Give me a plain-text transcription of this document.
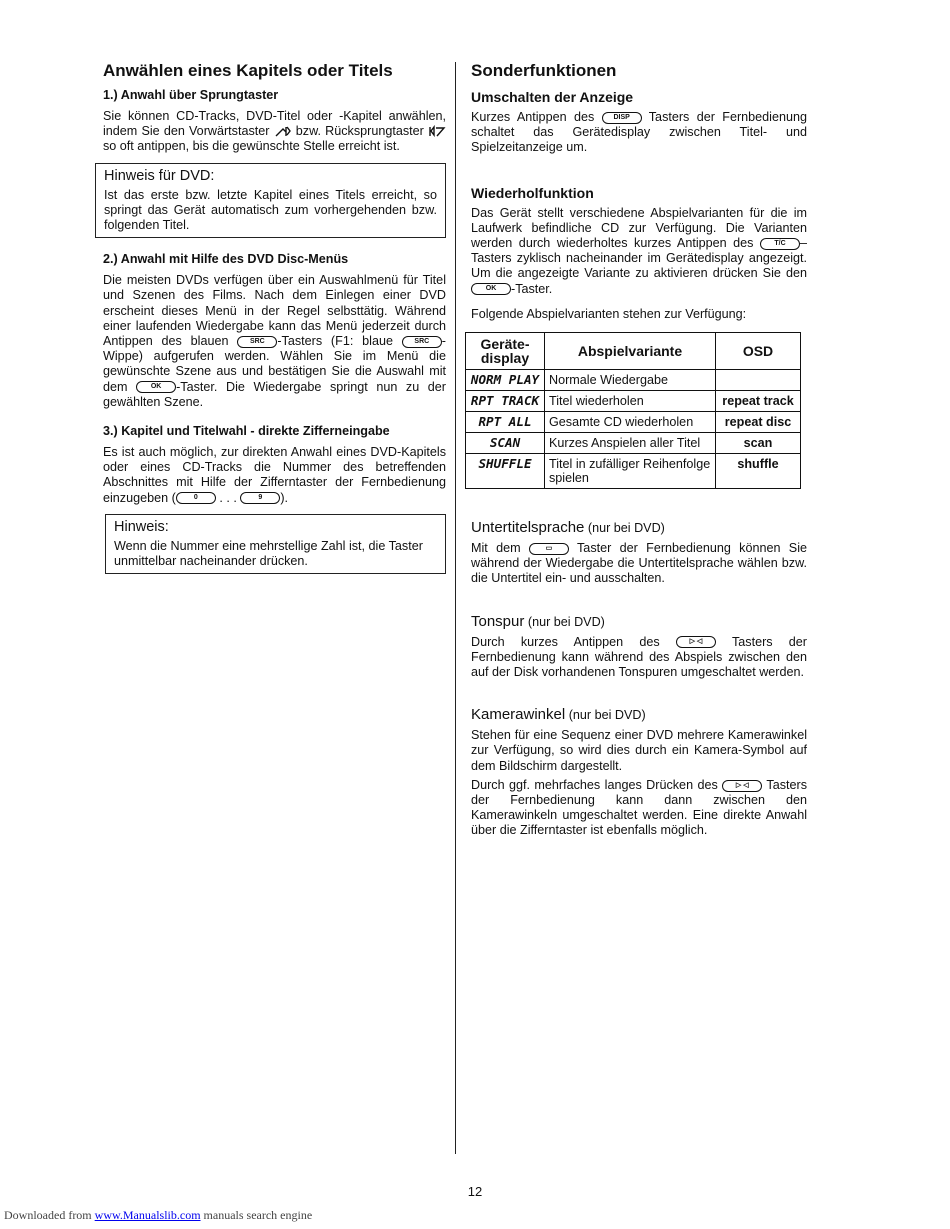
Anwählen eines Kapitels oder Titels
1.) Anwahl über Sprungtaster

Sie können CD-Tracks, DVD-Titel oder -Kapitel anwählen, indem Sie den Vorwärtstaster bzw. Rücksprungtaster  so oft antippen, bis die gewünschte Stelle erreicht ist.

Hinweis für DVD:

Ist das erste bzw. letzte Kapitel eines Titels erreicht, so springt das Gerät automatisch zum vorhergehenden bzw. folgenden Titel.

2.) Anwahl mit Hilfe des DVD Disc-Menüs

Die meisten DVDs verfügen über ein Auswahlmenü für Titel und Szenen des Films. Nach dem Einlegen einer DVD erscheint dieses Menü in der Regel selbsttätig. Während einer laufenden Wiedergabe kann das Menü jederzeit durch Antippen des blauen	SRC -Tasters (F1: blaue	SRC -Wippe) aufgerufen werden. Wählen Sie im Menü die gewünschte Szene aus und bestätigen Sie die Auswahl mit dem	OK -Taster. Die Wiedergabe springt nun zu der gewählten Szene.

3.) Kapitel und Titelwahl - direkte Zifferneingabe

Es ist auch möglich, zur direkten Anwahl eines DVD-Kapitels oder eines CD-Tracks die Nummer des betreffenden Abschnittes mit Hilfe der Zifferntaster der Fernbedienung einzugeben (	0 . . .	9 ).

Hinweis:

Wenn die Nummer eine mehrstellige Zahl ist, die Taster unmittelbar nacheinander drücken.

Sonderfunktionen
Umschalten der Anzeige

Kurzes Antippen des	DISP Tasters der Fernbedienung schaltet das Gerätedisplay zwischen Titel- und Spielzeitanzeige um.

Wiederholfunktion

Das Gerät stellt verschiedene Abspielvarianten für die im Laufwerk befindliche CD zur Verfügung. Die Varianten werden durch wiederholtes kurzes Antippen des	T/C –Tasters zyklisch nacheinander im Gerätedisplay angezeigt. Um die angezeigte Variante zu aktivieren drücken Sie den OK -Taster.

Folgende Abspielvarianten stehen zur Verfügung:

Geräte-display	Abspielvariante	OSD
NORM PLAY	Normale Wiedergabe	
RPT TRACK	Titel wiederholen	repeat track
RPT ALL	Gesamte CD wiederholen	repeat disc
SCAN	Kurzes Anspielen aller Titel	scan
SHUFFLE	Titel in zufälliger Reihenfolge spielen	shuffle
Untertitelsprache (nur bei DVD)

Mit dem	▭ Taster der Fernbedienung können Sie während der Wiedergabe die Untertitelsprache wählen bzw. die Untertitel ein- und ausschalten.

Tonspur (nur bei DVD)

Durch kurzes Antippen des	▷ ◁ Tasters der Fernbedienung kann während des Abspiels zwischen den auf der Disk vorhandenen Tonspuren umgeschaltet werden.

Kamerawinkel (nur bei DVD)

Stehen für eine Sequenz einer DVD mehrere Kamerawinkel zur Verfügung, so wird dies durch ein Kamera-Symbol auf dem Bildschirm dargestellt.

Durch ggf. mehrfaches langes Drücken des	▷ ◁ Tasters der Fernbedienung kann dann zwischen den Kamerawinkeln umgeschaltet werden. Eine direkte Anwahl über die Zifferntaster ist ebenfalls möglich.

12
Downloaded from www.Manualslib.com manuals search engine
